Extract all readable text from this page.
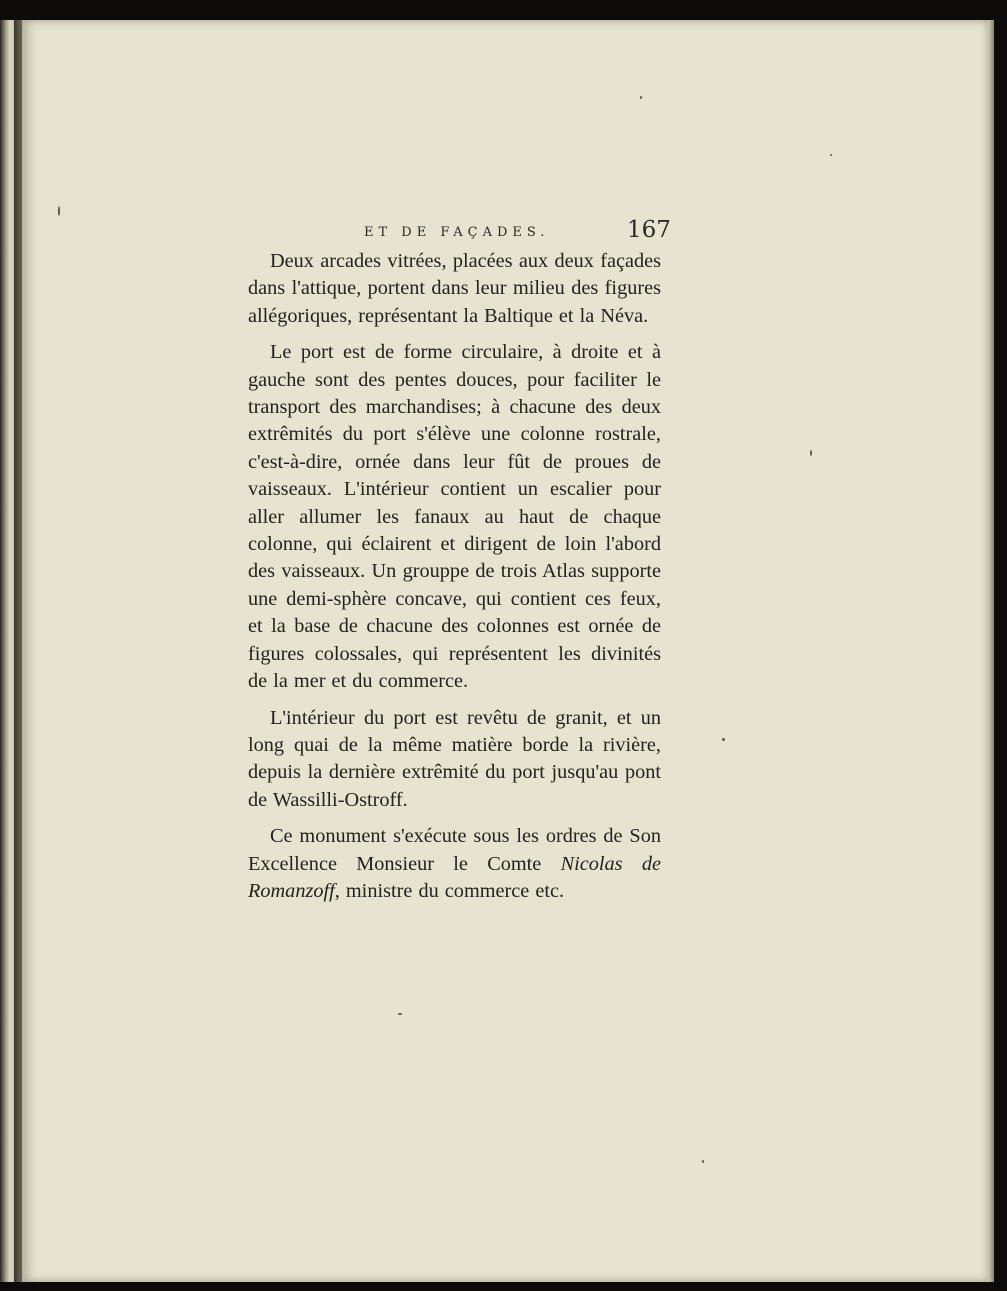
ET DE FAÇADES.	167

Deux arcades vitrées, placées aux deux façades dans l'attique, portent dans leur milieu des figures allégoriques, représentant la Baltique et la Néva.

Le port est de forme circulaire, à droite et à gauche sont des pentes douces, pour faciliter le transport des marchandises; à chacune des deux extrêmités du port s'élève une colonne rostrale, c'est-à-dire, ornée dans leur fût de proues de vaisseaux. L'intérieur contient un escalier pour aller allumer les fanaux au haut de chaque colonne, qui éclairent et dirigent de loin l'abord des vaisseaux. Un grouppe de trois Atlas supporte une demi-sphère concave, qui contient ces feux, et la base de chacune des colonnes est ornée de figures colossales, qui représentent les divinités de la mer et du commerce.

L'intérieur du port est revêtu de granit, et un long quai de la même matière borde la rivière, depuis la dernière extrêmité du port jusqu'au pont de Wassilli-Ostroff.

Ce monument s'exécute sous les ordres de Son Excellence Monsieur le Comte Nicolas de Romanzoff, ministre du commerce etc.
